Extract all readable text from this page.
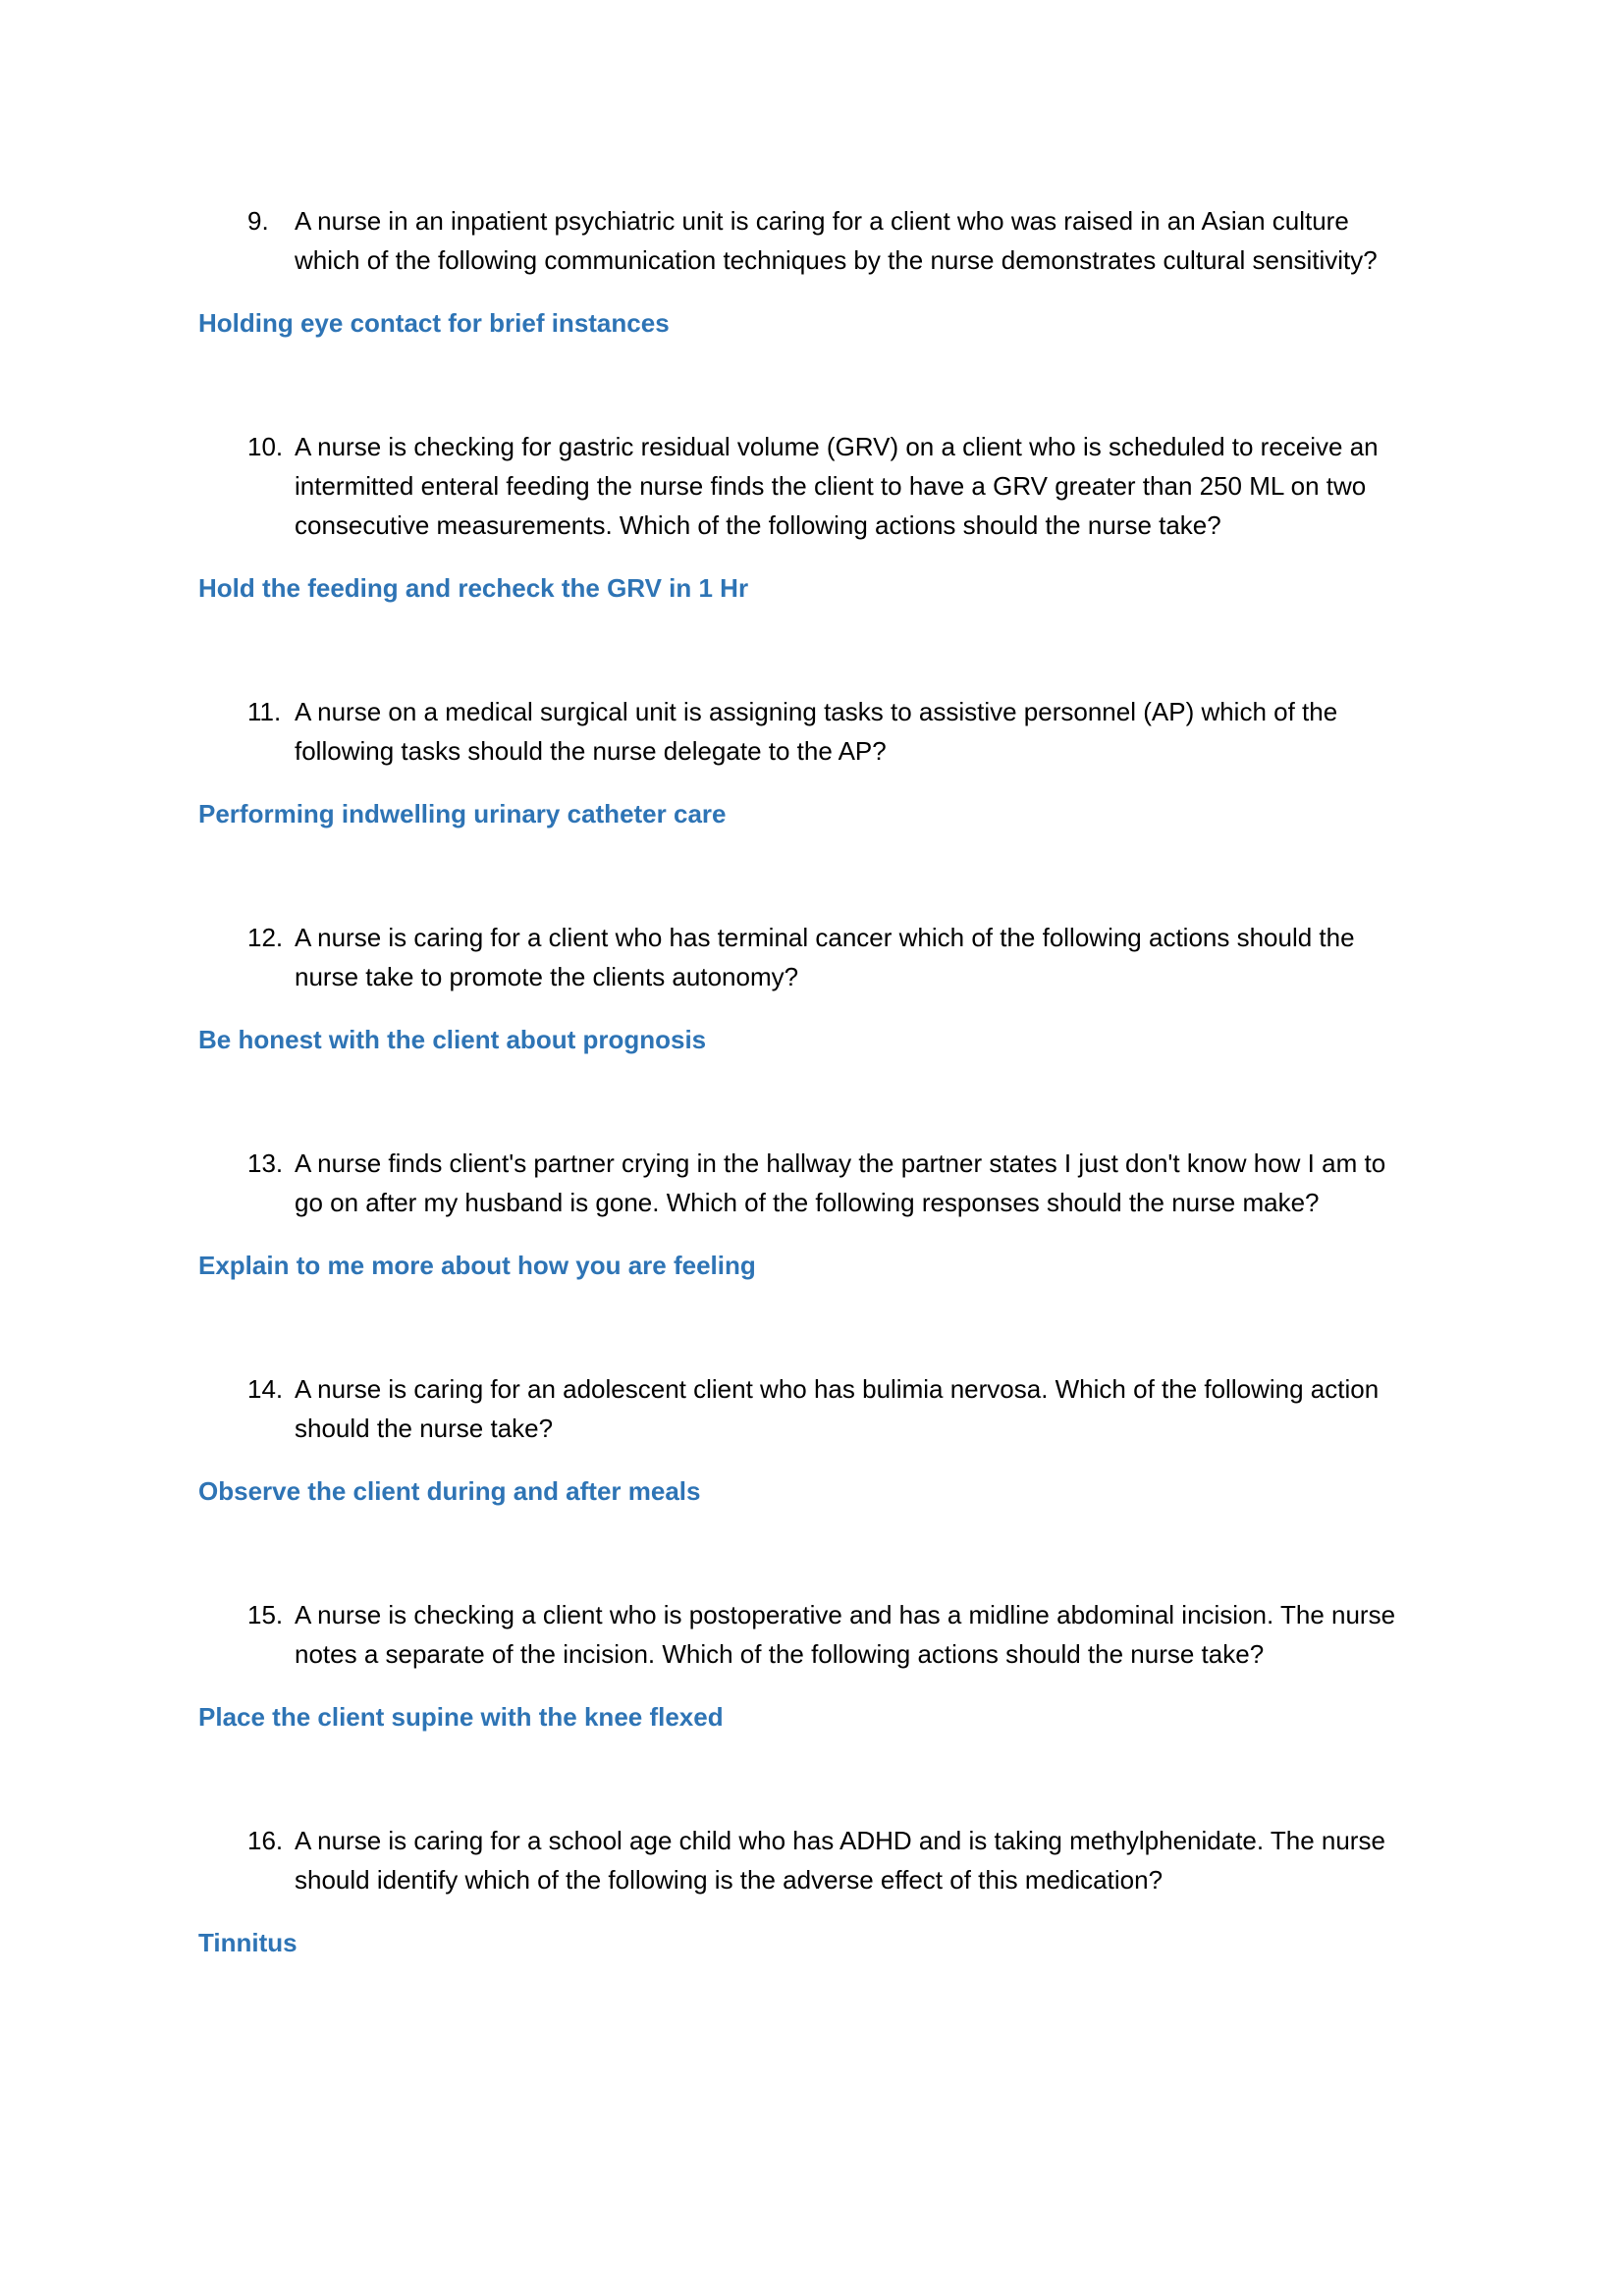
9.	A nurse in an inpatient psychiatric unit is caring for a client who was raised in an Asian culture which of the following communication techniques by the nurse demonstrates cultural sensitivity?

Holding eye contact for brief instances

10. A nurse is checking for gastric residual volume (GRV) on a client who is scheduled to receive an intermitted enteral feeding the nurse finds the client to have a GRV greater than 250 ML on two consecutive measurements. Which of the following actions should the nurse take?

Hold the feeding and recheck the GRV in 1 Hr

11. A nurse on a medical surgical unit is assigning tasks to assistive personnel (AP) which of the following tasks should the nurse delegate to the AP?

Performing indwelling urinary catheter care

12. A nurse is caring for a client who has terminal cancer which of the following actions should the nurse take to promote the clients autonomy?

Be honest with the client about prognosis

13. A nurse finds client's partner crying in the hallway the partner states I just don't know how I am to go on after my husband is gone. Which of the following responses should the nurse make?

Explain to me more about how you are feeling

14. A nurse is caring for an adolescent client who has bulimia nervosa. Which of the following action should the nurse take?

Observe the client during and after meals

15. A nurse is checking a client who is postoperative and has a midline abdominal incision. The nurse notes a separate of the incision. Which of the following actions should the nurse take?

Place the client supine with the knee flexed

16. A nurse is caring for a school age child who has ADHD and is taking methylphenidate. The nurse should identify which of the following is the adverse effect of this medication?

Tinnitus
